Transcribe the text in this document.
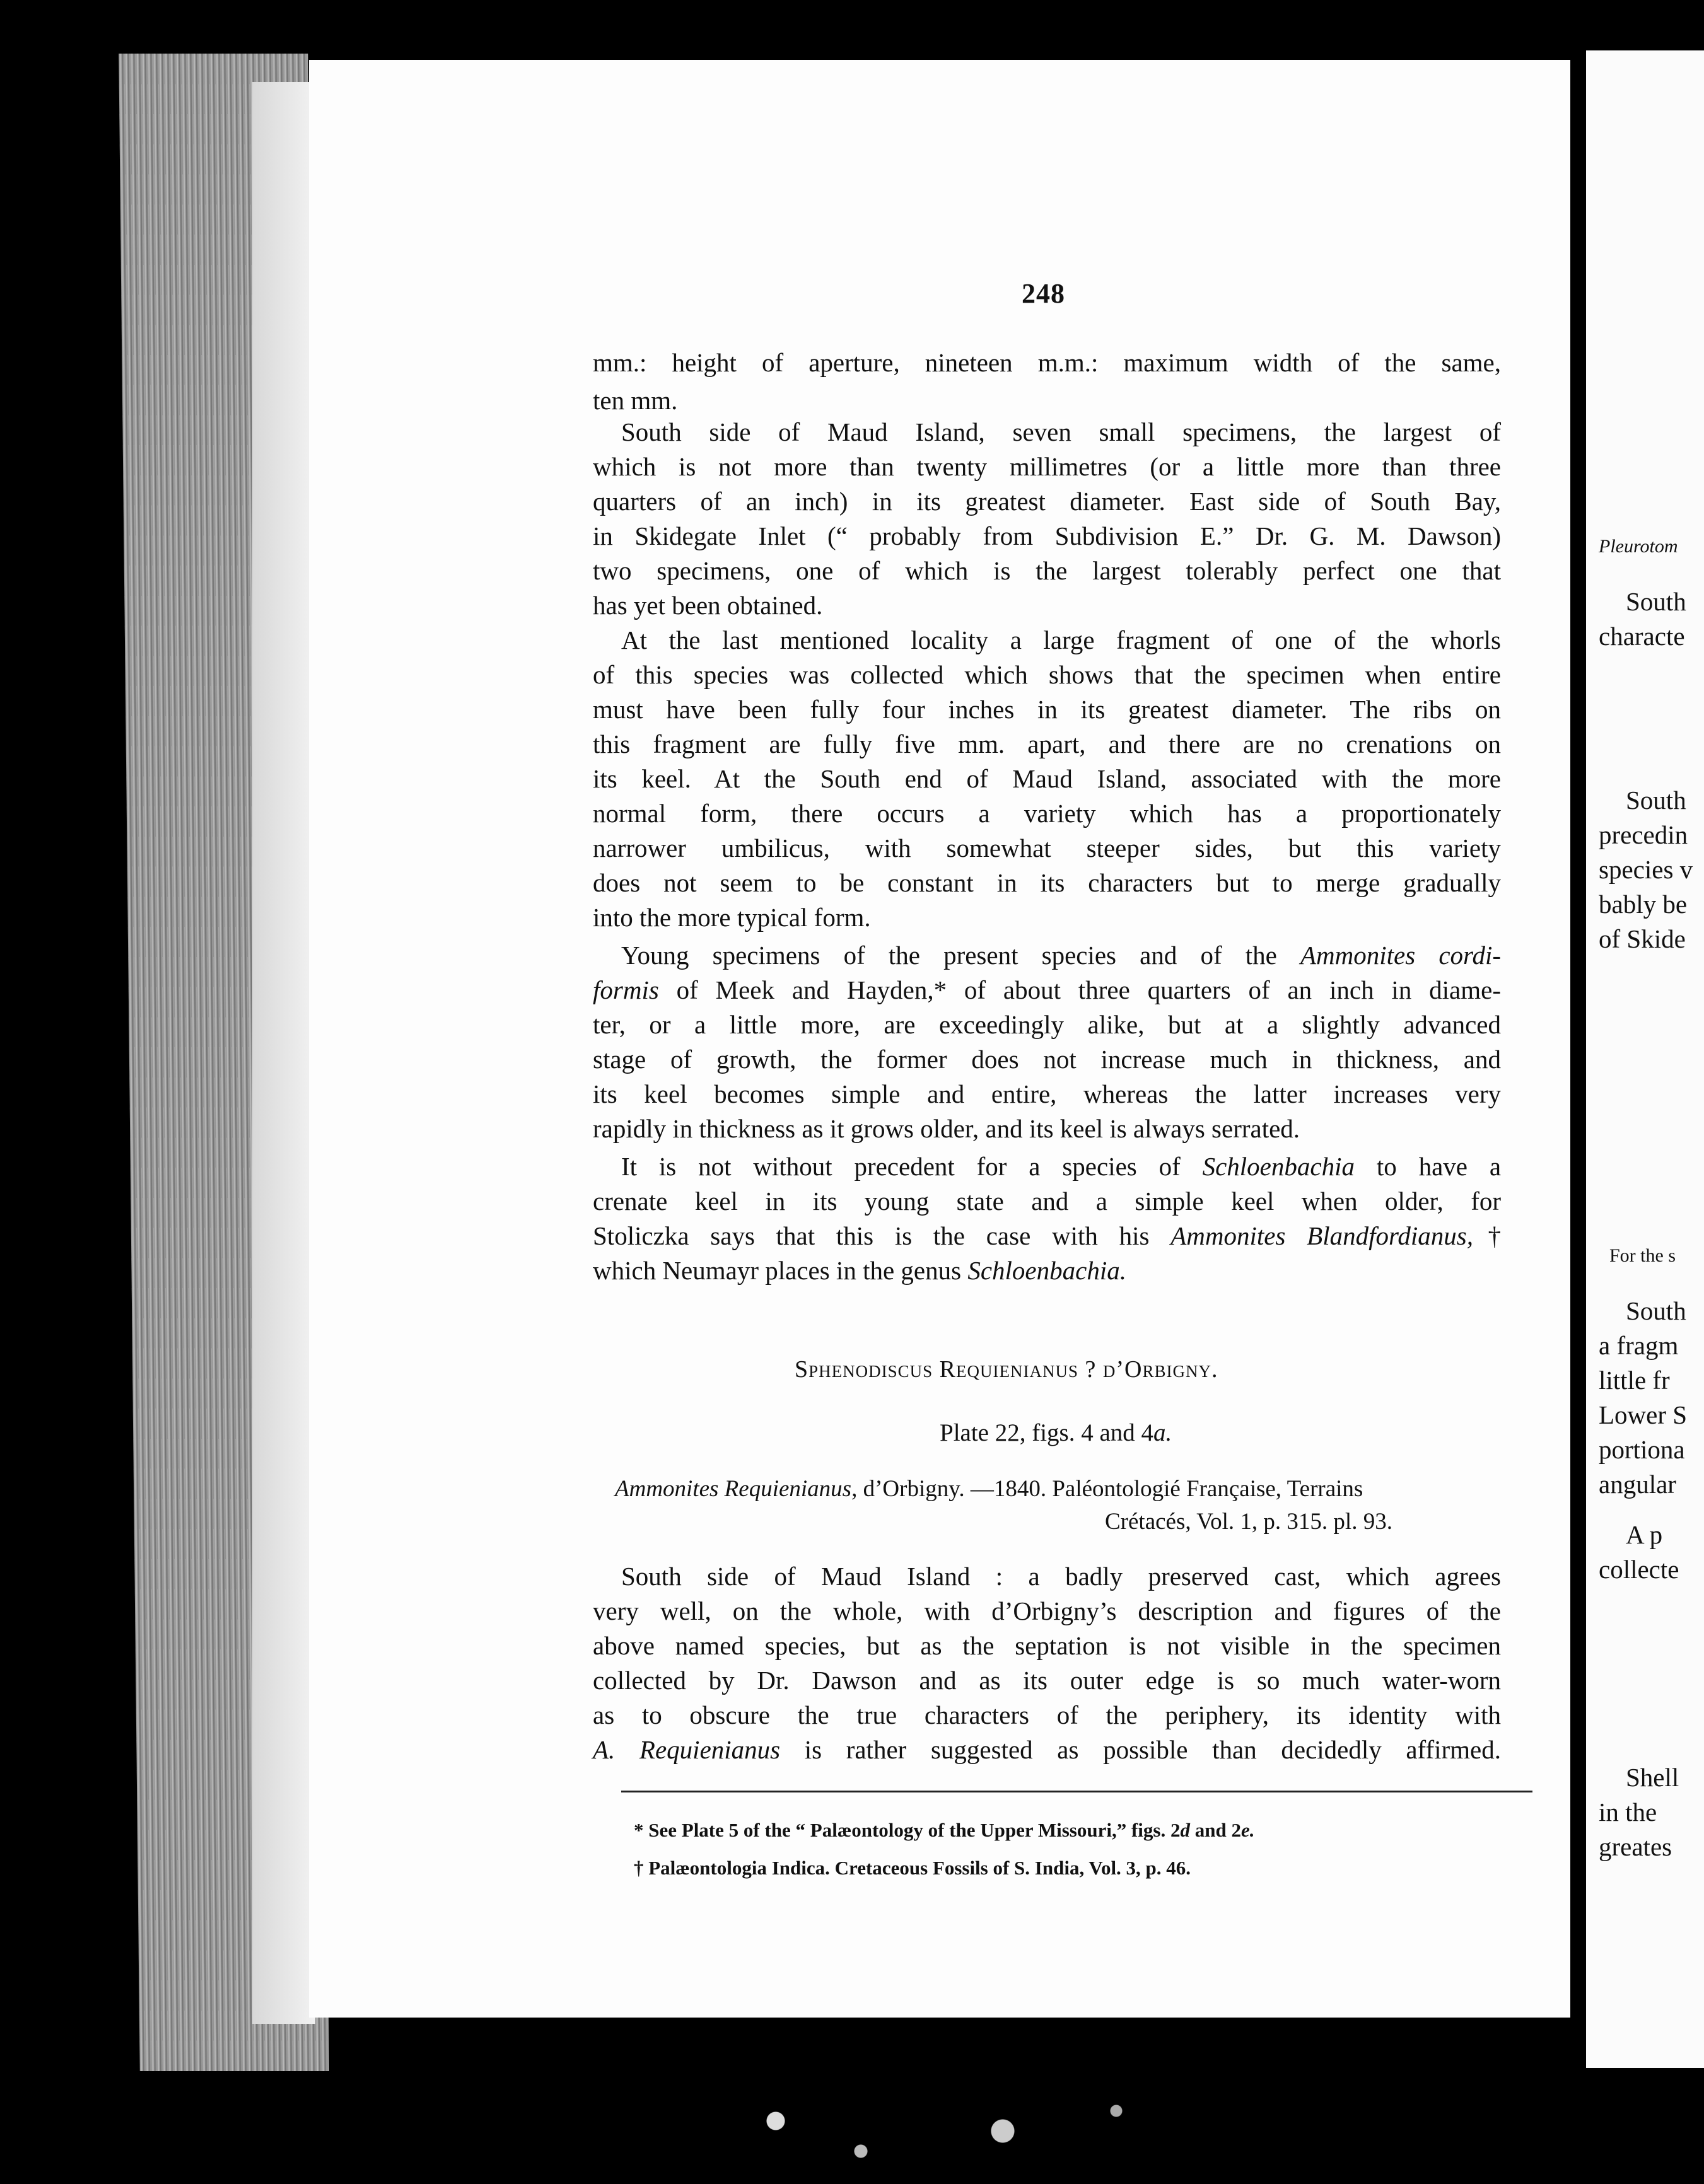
248
mm.: height of aperture, nineteen m.m.: maximum width of the same,
ten mm.
South side of Maud Island, seven small specimens, the largest of
which is not more than twenty millimetres (or a little more than three
quarters of an inch) in its greatest diameter. East side of South Bay,
in Skidegate Inlet (“ probably from Subdivision E.” Dr. G. M. Dawson)
two specimens, one of which is the largest tolerably perfect one that
has yet been obtained.
At the last mentioned locality a large fragment of one of the whorls
of this species was collected which shows that the specimen when entire
must have been fully four inches in its greatest diameter. The ribs on
this fragment are fully five mm. apart, and there are no crenations on
its keel. At the South end of Maud Island, associated with the more
normal form, there occurs a variety which has a proportionately
narrower umbilicus, with somewhat steeper sides, but this variety
does not seem to be constant in its characters but to merge gradually
into the more typical form.
Young specimens of the present species and of the Ammonites cordi-
formis of Meek and Hayden,* of about three quarters of an inch in diame-
ter, or a little more, are exceedingly alike, but at a slightly advanced
stage of growth, the former does not increase much in thickness, and
its keel becomes simple and entire, whereas the latter increases very
rapidly in thickness as it grows older, and its keel is always serrated.
It is not without precedent for a species of Schloenbachia to have a
crenate keel in its young state and a simple keel when older, for
Stoliczka says that this is the case with his Ammonites Blandfordianus,†
which Neumayr places in the genus Schloenbachia.
Sphenodiscus Requienianus ? d’Orbigny.
Plate 22, figs. 4 and 4a.
Ammonites Requienianus, d’Orbigny. —1840. Paléontologié Française, Terrains
Crétacés, Vol. 1, p. 315. pl. 93.
South side of Maud Island : a badly preserved cast, which agrees
very well, on the whole, with d’Orbigny’s description and figures of the
above named species, but as the septation is not visible in the specimen
collected by Dr. Dawson and as its outer edge is so much water-worn
as to obscure the true characters of the periphery, its identity with
A. Requienianus is rather suggested as possible than decidedly affirmed.
* See Plate 5 of the “ Palæontology of the Upper Missouri,” figs. 2d and 2e.
† Palæontologia Indica. Cretaceous Fossils of S. India, Vol. 3, p. 46.
Pleurotom
South
characte
South
precedin
species v
bably be
of Skide
For the s
South
a fragm
little fr
Lower S
portiona
angular
A p
collecte
Shell
in the
greates
